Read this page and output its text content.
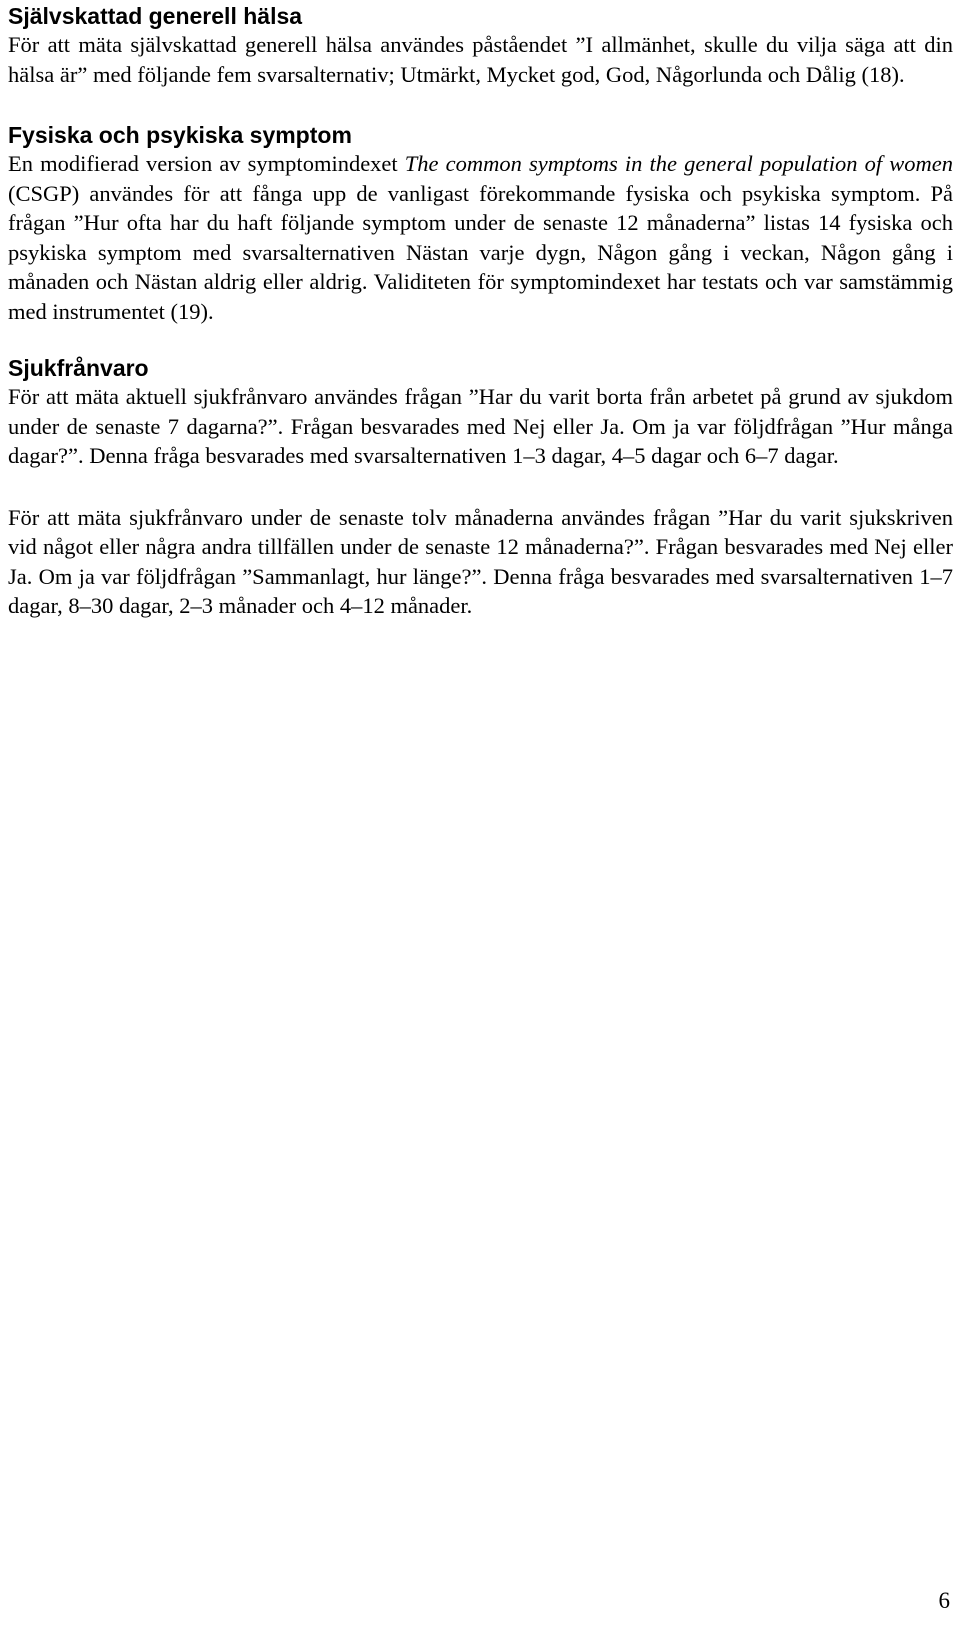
Självskattad generell hälsa

För att mäta självskattad generell hälsa användes påståendet ”I allmänhet, skulle du vilja säga att din hälsa är” med följande fem svarsalternativ; Utmärkt, Mycket god, God, Någorlunda och Dålig (18).

Fysiska och psykiska symptom

En modifierad version av symptomindexet The common symptoms in the general population of women (CSGP) användes för att fånga upp de vanligast förekommande fysiska och psykiska symptom. På frågan ”Hur ofta har du haft följande symptom under de senaste 12 månaderna” listas 14 fysiska och psykiska symptom med svarsalternativen Nästan varje dygn, Någon gång i veckan, Någon gång i månaden och Nästan aldrig eller aldrig. Validiteten för symptomindexet har testats och var samstämmig med instrumentet (19).

Sjukfrånvaro

För att mäta aktuell sjukfrånvaro användes frågan ”Har du varit borta från arbetet på grund av sjukdom under de senaste 7 dagarna?”. Frågan besvarades med Nej eller Ja. Om ja var följdfrågan ”Hur många dagar?”. Denna fråga besvarades med svarsalternativen 1–3 dagar, 4–5 dagar och 6–7 dagar.

För att mäta sjukfrånvaro under de senaste tolv månaderna användes frågan ”Har du varit sjukskriven vid något eller några andra tillfällen under de senaste 12 månaderna?”. Frågan besvarades med Nej eller Ja. Om ja var följdfrågan ”Sammanlagt, hur länge?”. Denna fråga besvarades med svarsalternativen 1–7 dagar, 8–30 dagar, 2–3 månader och 4–12 månader.

6
